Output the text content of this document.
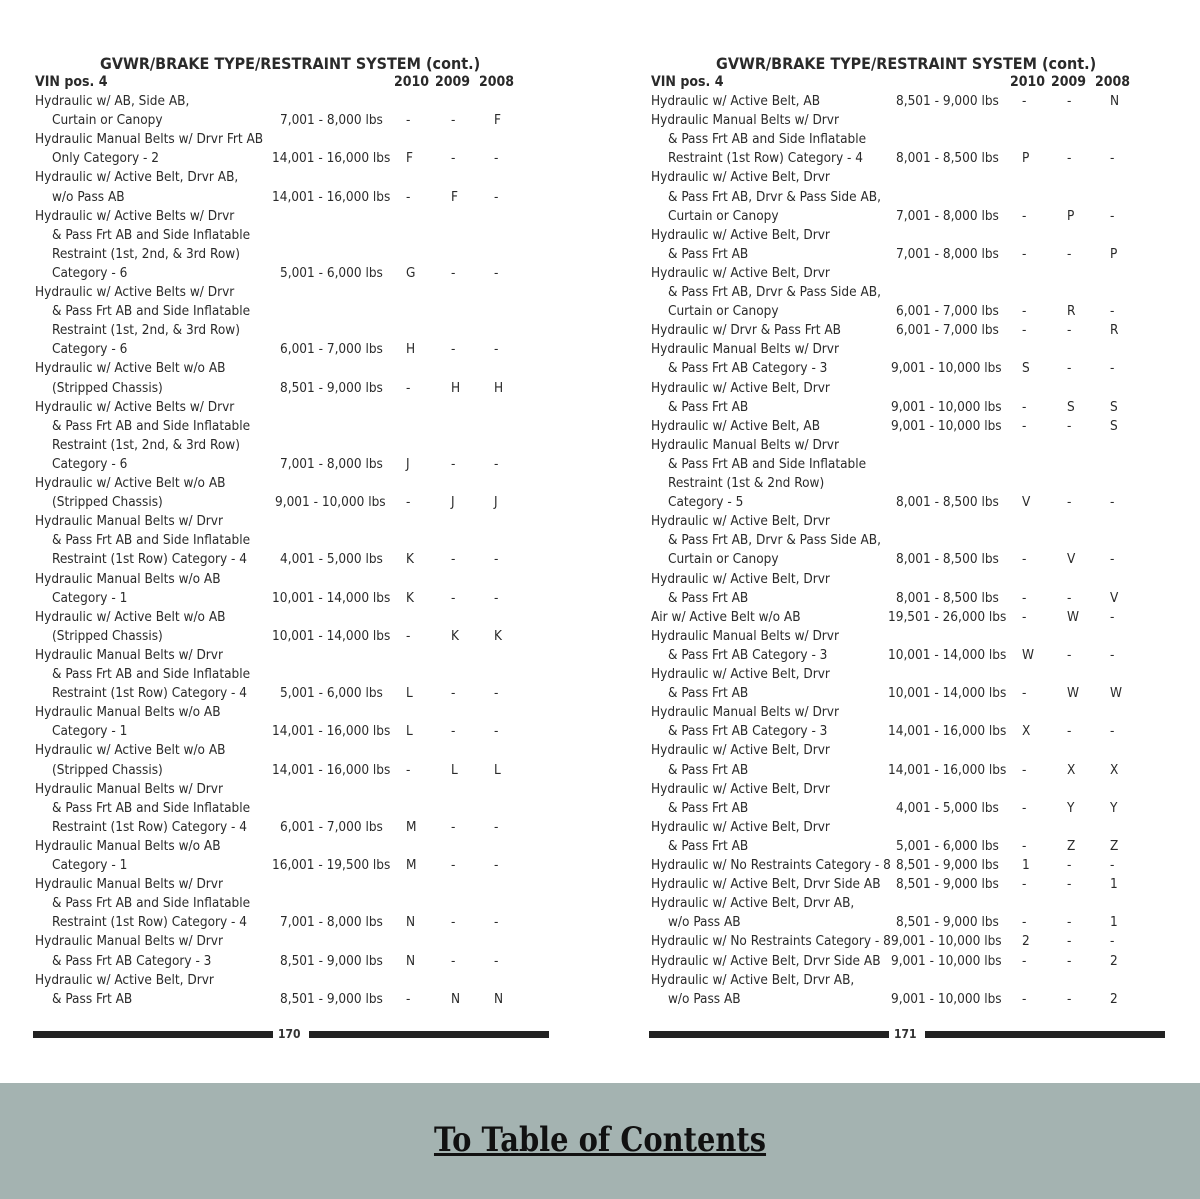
GVWR/BRAKE TYPE/RESTRAINT SYSTEM (cont.)
VIN pos. 4	2010 2009 2008
Hydraulic w/ AB, Side AB,
Curtain or Canopy	7,001 - 8,000 lbs -	-	F
Hydraulic Manual Belts w/ Drvr Frt AB
Only Category - 2	14,001 - 16,000 lbs F	-	-
Hydraulic w/ Active Belt, Drvr AB,
w/o Pass AB	14,001 - 16,000 lbs -	F	-
Hydraulic w/ Active Belts w/ Drvr
& Pass Frt AB and Side Inflatable
Restraint (1st, 2nd, & 3rd Row)
Category - 6	5,001 - 6,000 lbs G	-	-
Hydraulic w/ Active Belts w/ Drvr
& Pass Frt AB and Side Inflatable
Restraint (1st, 2nd, & 3rd Row)
Category - 6	6,001 - 7,000 lbs H	-	-
Hydraulic w/ Active Belt w/o AB
(Stripped Chassis)	8,501 - 9,000 lbs -	H	H
Hydraulic w/ Active Belts w/ Drvr
& Pass Frt AB and Side Inflatable
Restraint (1st, 2nd, & 3rd Row)
Category - 6	7,001 - 8,000 lbs J	-	-
Hydraulic w/ Active Belt w/o AB
(Stripped Chassis)	9,001 - 10,000 lbs -	J	J
Hydraulic Manual Belts w/ Drvr
& Pass Frt AB and Side Inflatable
Restraint (1st Row) Category - 4 4,001 - 5,000 lbs K	-	-
Hydraulic Manual Belts w/o AB
Category - 1	10,001 - 14,000 lbs K	-	-
Hydraulic w/ Active Belt w/o AB
(Stripped Chassis)	10,001 - 14,000 lbs -	K	K
Hydraulic Manual Belts w/ Drvr
& Pass Frt AB and Side Inflatable
Restraint (1st Row) Category - 4 5,001 - 6,000 lbs L	-	-
Hydraulic Manual Belts w/o AB
Category - 1	14,001 - 16,000 lbs L	-	-
Hydraulic w/ Active Belt w/o AB
(Stripped Chassis)	14,001 - 16,000 lbs -	L	L
Hydraulic Manual Belts w/ Drvr
& Pass Frt AB and Side Inflatable
Restraint (1st Row) Category - 4 6,001 - 7,000 lbs M	-	-
Hydraulic Manual Belts w/o AB
Category - 1	16,001 - 19,500 lbs M	-	-
Hydraulic Manual Belts w/ Drvr
& Pass Frt AB and Side Inflatable
Restraint (1st Row) Category - 4 7,001 - 8,000 lbs N	-	-
Hydraulic Manual Belts w/ Drvr
& Pass Frt AB Category - 3	8,501 - 9,000 lbs N	-	-
Hydraulic w/ Active Belt, Drvr
& Pass Frt AB	8,501 - 9,000 lbs -	N	N
170
GVWR/BRAKE TYPE/RESTRAINT SYSTEM (cont.)
VIN pos. 4	2010 2009 2008
Hydraulic w/ Active Belt, AB	8,501 - 9,000 lbs -	-	N
Hydraulic Manual Belts w/ Drvr
& Pass Frt AB and Side Inflatable
Restraint (1st Row) Category - 4 8,001 - 8,500 lbs P	-	-
Hydraulic w/ Active Belt, Drvr
& Pass Frt AB, Drvr & Pass Side AB,
Curtain or Canopy	7,001 - 8,000 lbs -	P	-
Hydraulic w/ Active Belt, Drvr
& Pass Frt AB	7,001 - 8,000 lbs -	-	P
Hydraulic w/ Active Belt, Drvr
& Pass Frt AB, Drvr & Pass Side AB,
Curtain or Canopy	6,001 - 7,000 lbs -	R	-
Hydraulic w/ Drvr & Pass Frt AB	6,001 - 7,000 lbs -	-	R
Hydraulic Manual Belts w/ Drvr
& Pass Frt AB Category - 3	9,001 - 10,000 lbs S	-	-
Hydraulic w/ Active Belt, Drvr
& Pass Frt AB	9,001 - 10,000 lbs -	S	S
Hydraulic w/ Active Belt, AB	9,001 - 10,000 lbs -	-	S
Hydraulic Manual Belts w/ Drvr
& Pass Frt AB and Side Inflatable
Restraint (1st & 2nd Row)
Category - 5	8,001 - 8,500 lbs V	-	-
Hydraulic w/ Active Belt, Drvr
& Pass Frt AB, Drvr & Pass Side AB,
Curtain or Canopy	8,001 - 8,500 lbs -	V	-
Hydraulic w/ Active Belt, Drvr
& Pass Frt AB	8,001 - 8,500 lbs -	-	V
Air w/ Active Belt w/o AB	19,501 - 26,000 lbs -	W -
Hydraulic Manual Belts w/ Drvr
& Pass Frt AB Category - 3	10,001 - 14,000 lbs W -	-
Hydraulic w/ Active Belt, Drvr
& Pass Frt AB	10,001 - 14,000 lbs -	W W
Hydraulic Manual Belts w/ Drvr
& Pass Frt AB Category - 3	14,001 - 16,000 lbs X	-	-
Hydraulic w/ Active Belt, Drvr
& Pass Frt AB	14,001 - 16,000 lbs -	X	X
Hydraulic w/ Active Belt, Drvr
& Pass Frt AB	4,001 - 5,000 lbs -	Y	Y
Hydraulic w/ Active Belt, Drvr
& Pass Frt AB	5,001 - 6,000 lbs -	Z	Z
Hydraulic w/ No Restraints Category - 8 8,501 - 9,000 lbs 1	-	-
Hydraulic w/ Active Belt, Drvr Side AB 8,501 - 9,000 lbs -	-	1
Hydraulic w/ Active Belt, Drvr AB,
w/o Pass AB	8,501 - 9,000 lbs -	-	1
Hydraulic w/ No Restraints Category - 8 9,001 - 10,000 lbs 2	-	-
Hydraulic w/ Active Belt, Drvr Side AB 9,001 - 10,000 lbs -	-	2
Hydraulic w/ Active Belt, Drvr AB,
w/o Pass AB	9,001 - 10,000 lbs -	-	2
171
To Table of Contents
